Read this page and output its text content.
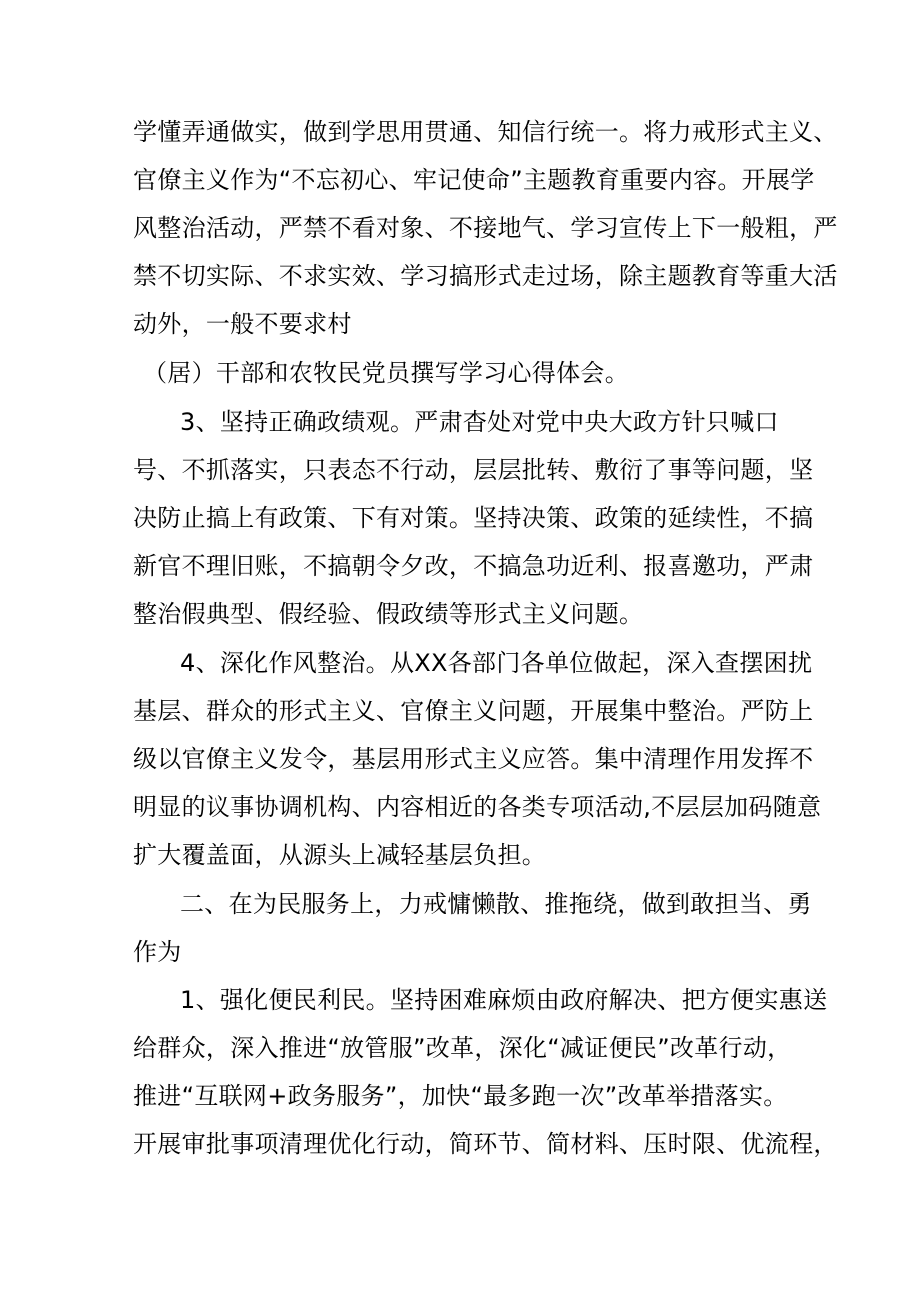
学懂弄通做实，做到学思用贯通、知信行统一。将力戒形式主义、
官僚主义作为“不忘初心、牢记使命”主题教育重要内容。开展学
风整治活动，严禁不看对象、不接地气、学习宣传上下一般粗，严
禁不切实际、不求实效、学习搞形式走过场，除主题教育等重大活
动外，一般不要求村
（居）干部和农牧民党员撰写学习心得体会。
3、坚持正确政绩观。严肃杳处对党中央大政方针只喊口
号、不抓落实，只表态不行动，层层批转、敷衍了事等问题，坚
决防止搞上有政策、下有对策。坚持决策、政策的延续性，不搞
新官不理旧账，不搞朝令夕改，不搞急功近利、报喜邀功，严肃
整治假典型、假经验、假政绩等形式主义问题。
4、深化作风整治。从XX各部门各单位做起，深入查摆困扰
基层、群众的形式主义、官僚主义问题，开展集中整治。严防上
级以官僚主义发令，基层用形式主义应答。集中清理作用发挥不
明显的议事协调机构、内容相近的各类专项活动,不层层加码随意
扩大覆盖面，从源头上减轻基层负担。
二、在为民服务上，力戒慵懒散、推拖绕，做到敢担当、勇
作为
1、强化便民利民。坚持困难麻烦由政府解决、把方便实惠送
给群众，深入推进“放管服”改革，深化“减证便民”改革行动，
推进“互联网+政务服务”，加快“最多跑一次”改革举措落实。
开展审批事项清理优化行动，简环节、简材料、压时限、优流程，
